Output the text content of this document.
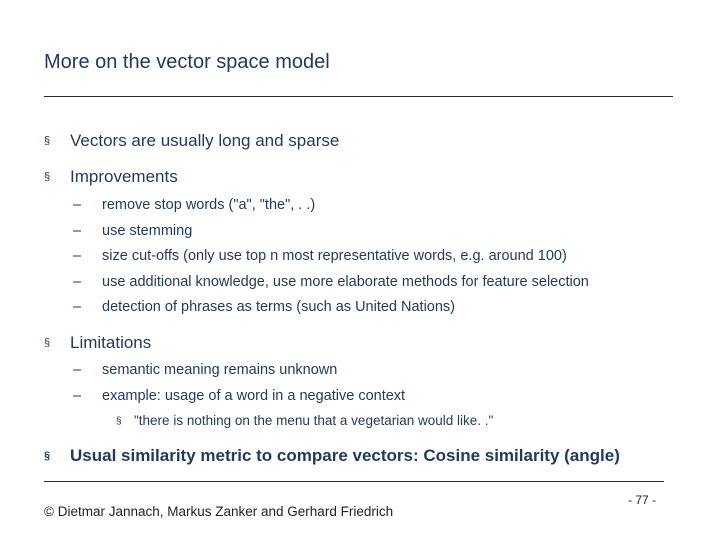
More on the vector space model
§ Vectors are usually long and sparse
§ Improvements
– remove stop words ("a", "the", . .)
– use stemming
– size cut-offs (only use top n most representative words, e.g. around 100)
– use additional knowledge, use more elaborate methods for feature selection
– detection of phrases as terms (such as United Nations)
§ Limitations
– semantic meaning remains unknown
– example: usage of a word in a negative context
§ "there is nothing on the menu that a vegetarian would like. ."
§ Usual similarity metric to compare vectors: Cosine similarity (angle)
© Dietmar Jannach, Markus Zanker and Gerhard Friedrich
- 77 -
